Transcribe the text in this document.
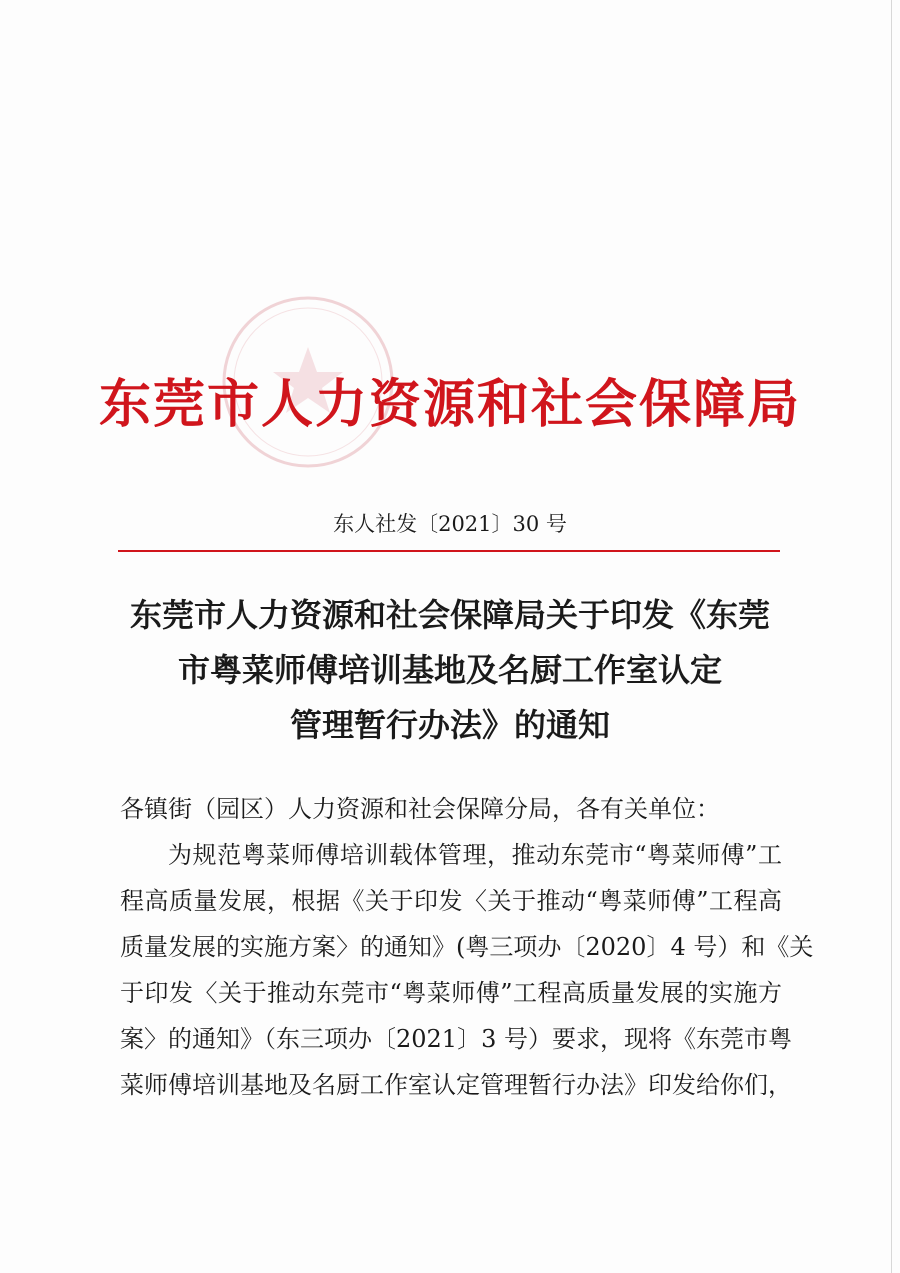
东莞市人力资源和社会保障局
东人社发〔2021〕30 号
东莞市人力资源和社会保障局关于印发《东莞
市粤菜师傅培训基地及名厨工作室认定
管理暂行办法》的通知
各镇街（园区）人力资源和社会保障分局，各有关单位：
为规范粤菜师傅培训载体管理，推动东莞市“粤菜师傅”工
程高质量发展，根据《关于印发〈关于推动“粤菜师傅”工程高
质量发展的实施方案〉的通知》(粤三项办〔2020〕4 号）和《关
于印发〈关于推动东莞市“粤菜师傅”工程高质量发展的实施方
案〉的通知》（东三项办〔2021〕3 号）要求，现将《东莞市粤
菜师傅培训基地及名厨工作室认定管理暂行办法》印发给你们，
